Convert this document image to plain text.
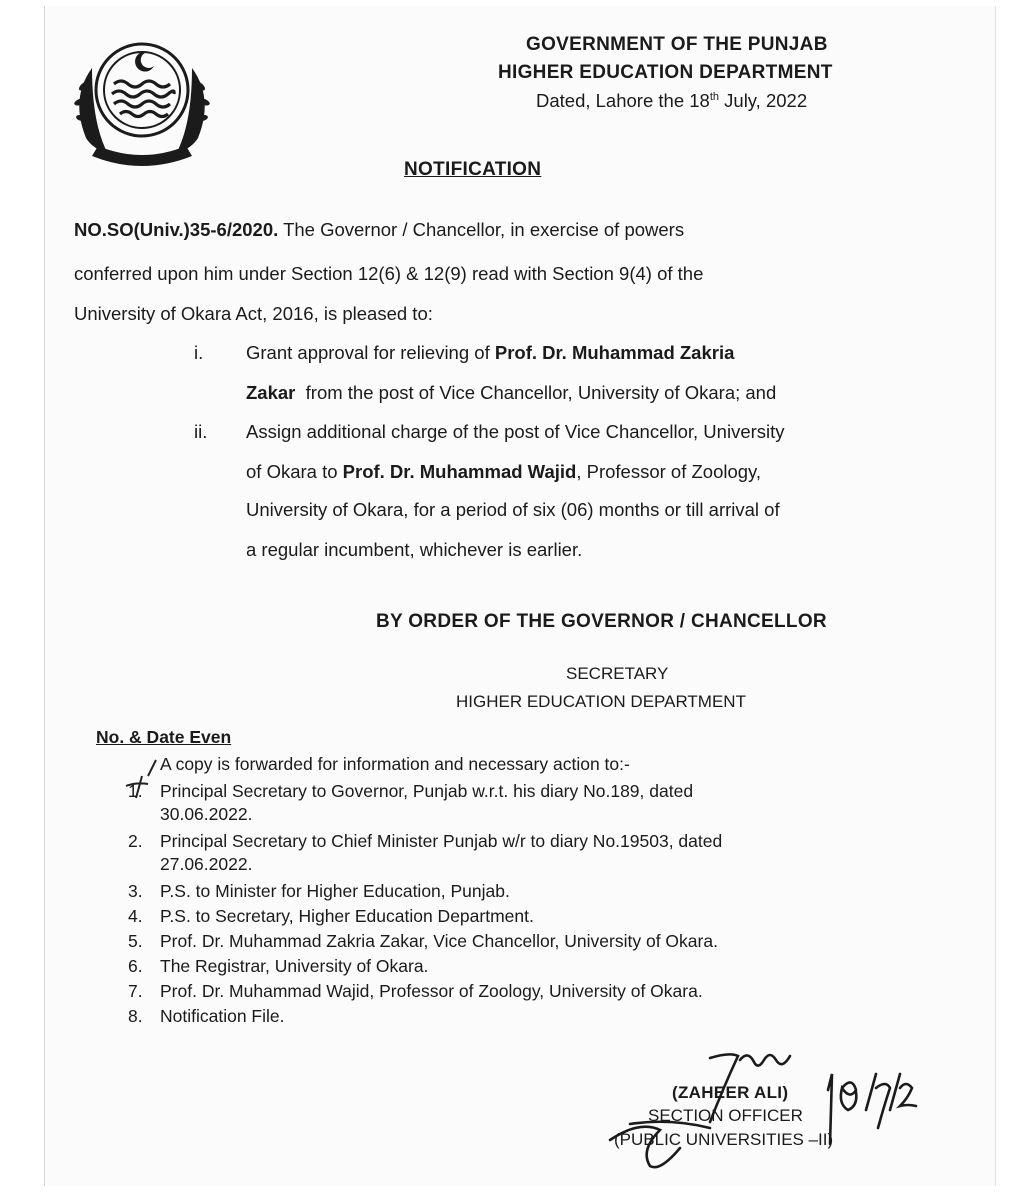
GOVERNMENT OF THE PUNJAB
HIGHER EDUCATION DEPARTMENT
Dated, Lahore the 18th July, 2022
NOTIFICATION
NO.SO(Univ.)35-6/2020. The Governor / Chancellor, in exercise of powers
conferred upon him under Section 12(6) & 12(9) read with Section 9(4) of the
University of Okara Act, 2016, is pleased to:
i. Grant approval for relieving of Prof. Dr. Muhammad Zakria
Zakar  from the post of Vice Chancellor, University of Okara; and
ii. Assign additional charge of the post of Vice Chancellor, University
of Okara to Prof. Dr. Muhammad Wajid, Professor of Zoology,
University of Okara, for a period of six (06) months or till arrival of
a regular incumbent, whichever is earlier.
BY ORDER OF THE GOVERNOR / CHANCELLOR
SECRETARY
HIGHER EDUCATION DEPARTMENT
No. & Date Even
A copy is forwarded for information and necessary action to:-
1. Principal Secretary to Governor, Punjab w.r.t. his diary No.189, dated
30.06.2022.
2. Principal Secretary to Chief Minister Punjab w/r to diary No.19503, dated
27.06.2022.
3. P.S. to Minister for Higher Education, Punjab.
4. P.S. to Secretary, Higher Education Department.
5. Prof. Dr. Muhammad Zakria Zakar, Vice Chancellor, University of Okara.
6. The Registrar, University of Okara.
7. Prof. Dr. Muhammad Wajid, Professor of Zoology, University of Okara.
8. Notification File.
(ZAHEER ALI)
SECTION OFFICER
(PUBLIC UNIVERSITIES –II)
